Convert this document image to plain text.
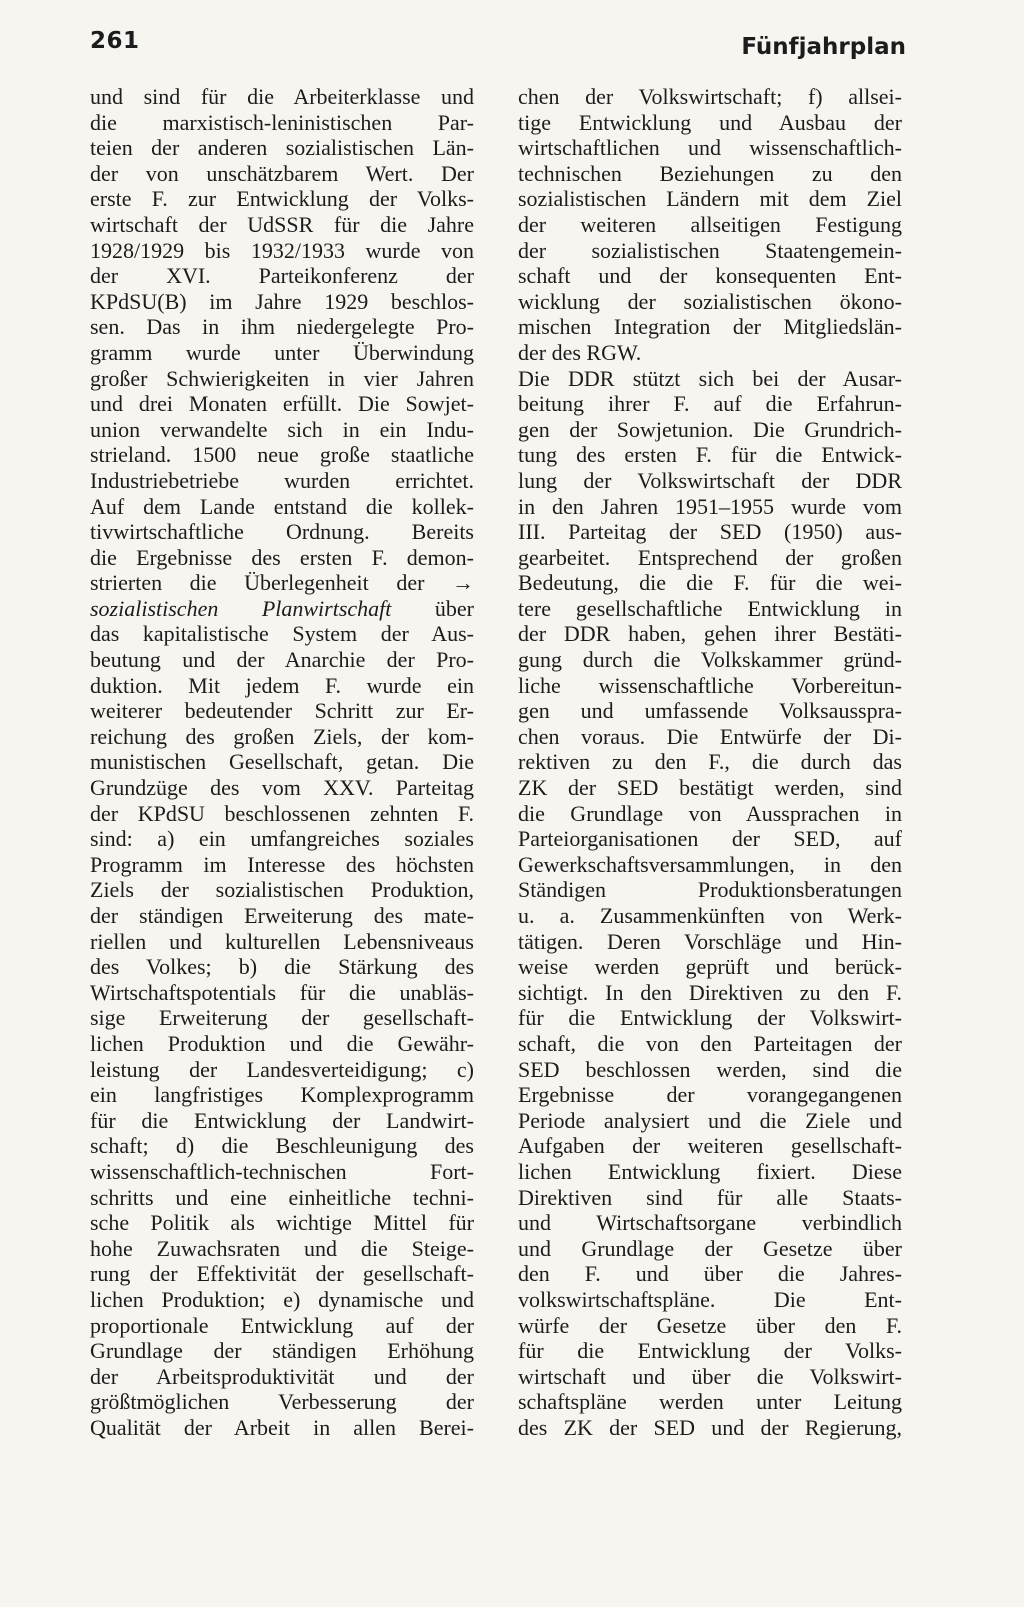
261	Fünfjahrplan
und sind für die Arbeiterklasse und
die marxistisch-leninistischen Par-
teien der anderen sozialistischen Län-
der von unschätzbarem Wert. Der
erste F. zur Entwicklung der Volks-
wirtschaft der UdSSR für die Jahre
1928/1929 bis 1932/1933 wurde von
der XVI. Parteikonferenz der
KPdSU(B) im Jahre 1929 beschlos-
sen. Das in ihm niedergelegte Pro-
gramm wurde unter Überwindung
großer Schwierigkeiten in vier Jahren
und drei Monaten erfüllt. Die Sowjet-
union verwandelte sich in ein Indu-
strieland. 1500 neue große staatliche
Industriebetriebe wurden errichtet.
Auf dem Lande entstand die kollek-
tivwirtschaftliche Ordnung. Bereits
die Ergebnisse des ersten F. demon-
strierten die Überlegenheit der →
sozialistischen Planwirtschaft über
das kapitalistische System der Aus-
beutung und der Anarchie der Pro-
duktion. Mit jedem F. wurde ein
weiterer bedeutender Schritt zur Er-
reichung des großen Ziels, der kom-
munistischen Gesellschaft, getan. Die
Grundzüge des vom XXV. Parteitag
der KPdSU beschlossenen zehnten F.
sind: a) ein umfangreiches soziales
Programm im Interesse des höchsten
Ziels der sozialistischen Produktion,
der ständigen Erweiterung des mate-
riellen und kulturellen Lebensniveaus
des Volkes; b) die Stärkung des
Wirtschaftspotentials für die unabläs-
sige Erweiterung der gesellschaft-
lichen Produktion und die Gewähr-
leistung der Landesverteidigung; c)
ein langfristiges Komplexprogramm
für die Entwicklung der Landwirt-
schaft; d) die Beschleunigung des
wissenschaftlich-technischen Fort-
schritts und eine einheitliche techni-
sche Politik als wichtige Mittel für
hohe Zuwachsraten und die Steige-
rung der Effektivität der gesellschaft-
lichen Produktion; e) dynamische und
proportionale Entwicklung auf der
Grundlage der ständigen Erhöhung
der Arbeitsproduktivität und der
größtmöglichen Verbesserung der
Qualität der Arbeit in allen Berei-
chen der Volkswirtschaft; f) allsei-
tige Entwicklung und Ausbau der
wirtschaftlichen und wissenschaftlich-
technischen Beziehungen zu den
sozialistischen Ländern mit dem Ziel
der weiteren allseitigen Festigung
der sozialistischen Staatengemein-
schaft und der konsequenten Ent-
wicklung der sozialistischen ökono-
mischen Integration der Mitgliedslän-
der des RGW.
Die DDR stützt sich bei der Ausar-
beitung ihrer F. auf die Erfahrun-
gen der Sowjetunion. Die Grundrich-
tung des ersten F. für die Entwick-
lung der Volkswirtschaft der DDR
in den Jahren 1951–1955 wurde vom
III. Parteitag der SED (1950) aus-
gearbeitet. Entsprechend der großen
Bedeutung, die die F. für die wei-
tere gesellschaftliche Entwicklung in
der DDR haben, gehen ihrer Bestäti-
gung durch die Volkskammer gründ-
liche wissenschaftliche Vorbereitun-
gen und umfassende Volksausspra-
chen voraus. Die Entwürfe der Di-
rektiven zu den F., die durch das
ZK der SED bestätigt werden, sind
die Grundlage von Aussprachen in
Parteiorganisationen der SED, auf
Gewerkschaftsversammlungen, in den
Ständigen Produktionsberatungen
u. a. Zusammenkünften von Werk-
tätigen. Deren Vorschläge und Hin-
weise werden geprüft und berück-
sichtigt. In den Direktiven zu den F.
für die Entwicklung der Volkswirt-
schaft, die von den Parteitagen der
SED beschlossen werden, sind die
Ergebnisse der vorangegangenen
Periode analysiert und die Ziele und
Aufgaben der weiteren gesellschaft-
lichen Entwicklung fixiert. Diese
Direktiven sind für alle Staats-
und Wirtschaftsorgane verbindlich
und Grundlage der Gesetze über
den F. und über die Jahres-
volkswirtschaftspläne. Die Ent-
würfe der Gesetze über den F.
für die Entwicklung der Volks-
wirtschaft und über die Volkswirt-
schaftspläne werden unter Leitung
des ZK der SED und der Regierung,
